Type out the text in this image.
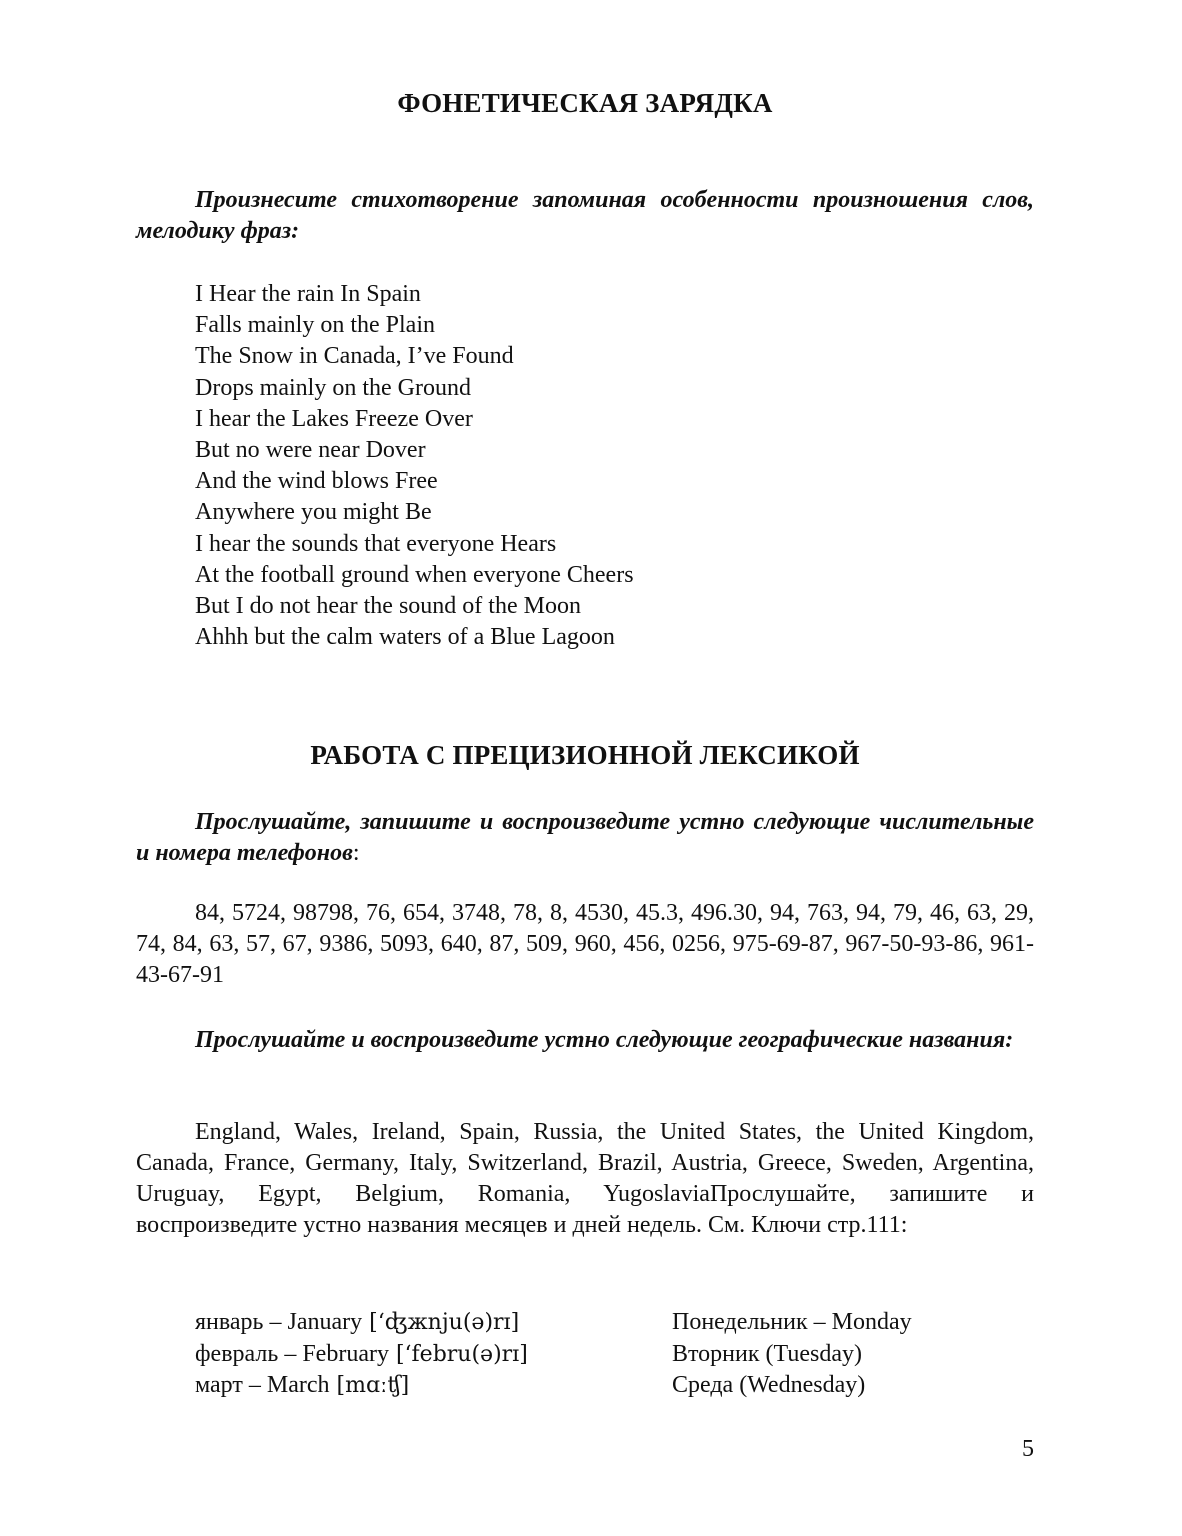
ФОНЕТИЧЕСКАЯ ЗАРЯДКА

Произнесите стихотворение запоминая особенности произношения слов, мелодику фраз:

I Hear the rain In Spain
Falls mainly on the Plain
The Snow in Canada, I’ve Found
Drops mainly on the Ground
I hear the Lakes Freeze Over
But no were near Dover
And the wind blows Free
Anywhere you might Be
I hear the sounds that everyone Hears
At the football ground when everyone Cheers
But I do not hear the sound of the Moon
Ahhh but the calm waters of a Blue Lagoon
РАБОТА С ПРЕЦИЗИОННОЙ ЛЕКСИКОЙ

Прослушайте, запишите и воспроизведите устно следующие числительные и номера телефонов:

84, 5724, 98798, 76, 654, 3748, 78, 8, 4530, 45.3, 496.30, 94, 763, 94, 79, 46, 63, 29, 74, 84, 63, 57, 67, 9386, 5093, 640, 87, 509, 960, 456, 0256, 975-69-87, 967-50-93-86, 961-43-67-91

Прослушайте и воспроизведите устно следующие географические названия:

England, Wales, Ireland, Spain, Russia, the United States, the United Kingdom, Canada, France, Germany, Italy, Switzerland, Brazil, Austria, Greece, Sweden, Argentina, Uruguay, Egypt, Belgium, Romania, YugoslaviaПрослушайте, запишите и воспроизведите устно названия месяцев и дней недель. См. Ключи стр.111:

январь – January [‘ʤжnju(ə)rɪ]
февраль – February [‘febru(ə)rɪ]
март – March [mɑːʧ]
Понедельник – Monday
Вторник (Tuesday)
Среда (Wednesday)
5
